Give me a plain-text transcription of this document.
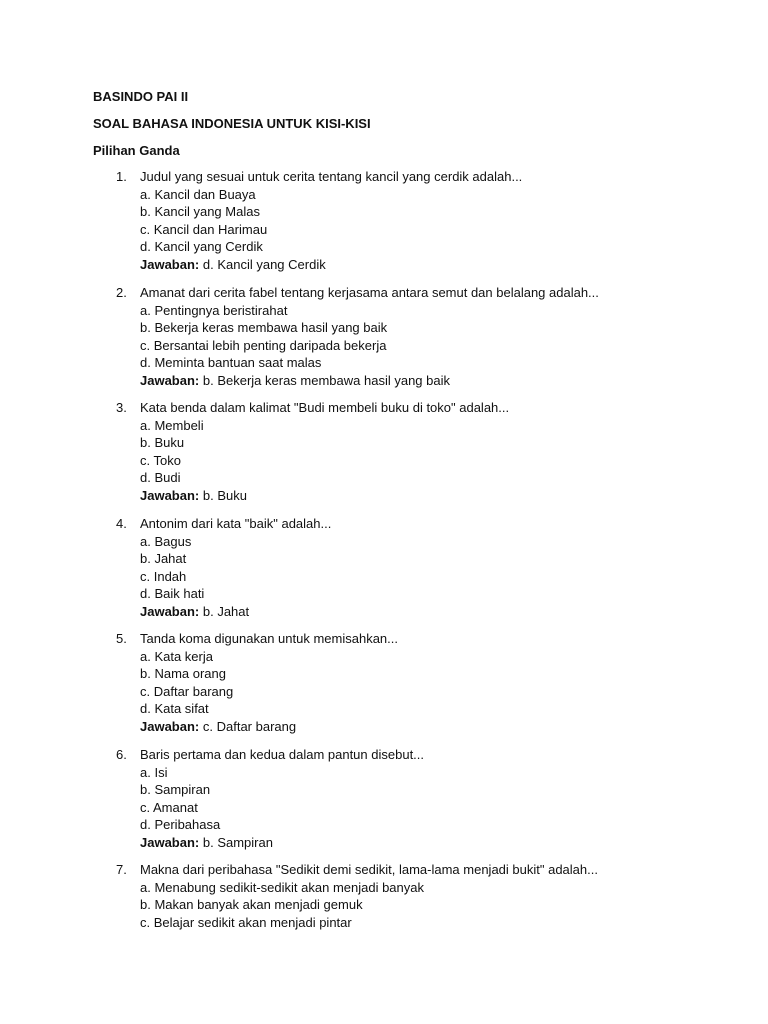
BASINDO PAI II
SOAL BAHASA INDONESIA UNTUK KISI-KISI
Pilihan Ganda
1.	Judul yang sesuai untuk cerita tentang kancil yang cerdik adalah...
a. Kancil dan Buaya
b. Kancil yang Malas
c. Kancil dan Harimau
d. Kancil yang Cerdik
Jawaban: d. Kancil yang Cerdik
2.	Amanat dari cerita fabel tentang kerjasama antara semut dan belalang adalah...
a. Pentingnya beristirahat
b. Bekerja keras membawa hasil yang baik
c. Bersantai lebih penting daripada bekerja
d. Meminta bantuan saat malas
Jawaban: b. Bekerja keras membawa hasil yang baik
3.	Kata benda dalam kalimat "Budi membeli buku di toko" adalah...
a. Membeli
b. Buku
c. Toko
d. Budi
Jawaban: b. Buku
4.	Antonim dari kata "baik" adalah...
a. Bagus
b. Jahat
c. Indah
d. Baik hati
Jawaban: b. Jahat
5.	Tanda koma digunakan untuk memisahkan...
a. Kata kerja
b. Nama orang
c. Daftar barang
d. Kata sifat
Jawaban: c. Daftar barang
6.	Baris pertama dan kedua dalam pantun disebut...
a. Isi
b. Sampiran
c. Amanat
d. Peribahasa
Jawaban: b. Sampiran
7.	Makna dari peribahasa "Sedikit demi sedikit, lama-lama menjadi bukit" adalah...
a. Menabung sedikit-sedikit akan menjadi banyak
b. Makan banyak akan menjadi gemuk
c. Belajar sedikit akan menjadi pintar
